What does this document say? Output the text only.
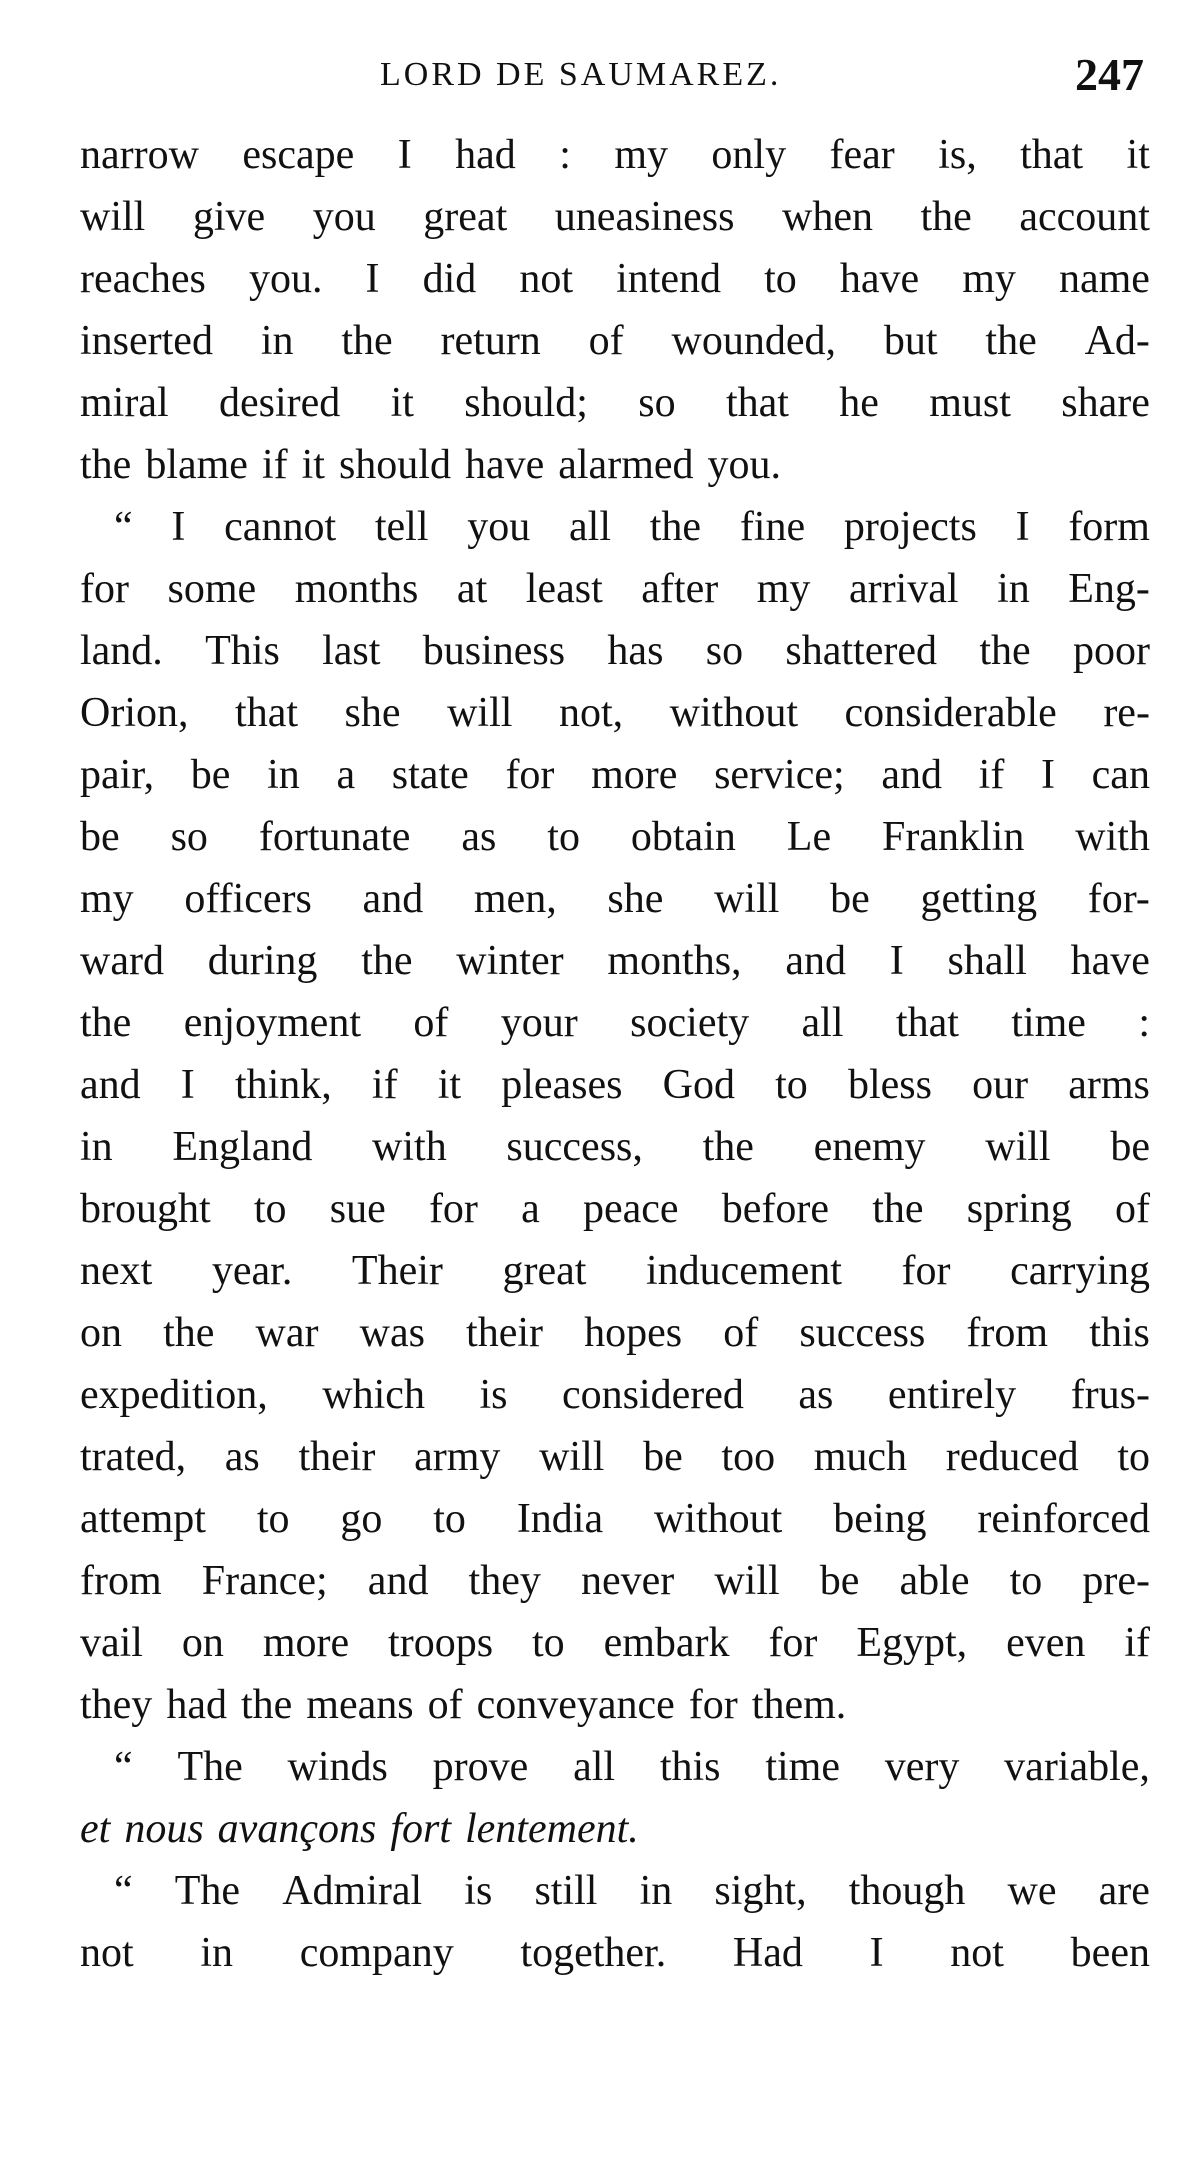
LORD DE SAUMAREZ.	247
narrow escape I had : my only fear is, that it
will give you great uneasiness when the account
reaches you. I did not intend to have my name
inserted in the return of wounded, but the Ad-
miral desired it should; so that he must share
the blame if it should have alarmed you.
“ I cannot tell you all the fine projects I form
for some months at least after my arrival in Eng-
land. This last business has so shattered the poor
Orion, that she will not, without considerable re-
pair, be in a state for more service; and if I can
be so fortunate as to obtain Le Franklin with
my officers and men, she will be getting for-
ward during the winter months, and I shall have
the enjoyment of your society all that time :
and I think, if it pleases God to bless our arms
in England with success, the enemy will be
brought to sue for a peace before the spring of
next year. Their great inducement for carrying
on the war was their hopes of success from this
expedition, which is considered as entirely frus-
trated, as their army will be too much reduced to
attempt to go to India without being reinforced
from France; and they never will be able to pre-
vail on more troops to embark for Egypt, even if
they had the means of conveyance for them.
“ The winds prove all this time very variable,
et nous avançons fort lentement.
“ The Admiral is still in sight, though we are
not in company together. Had I not been
